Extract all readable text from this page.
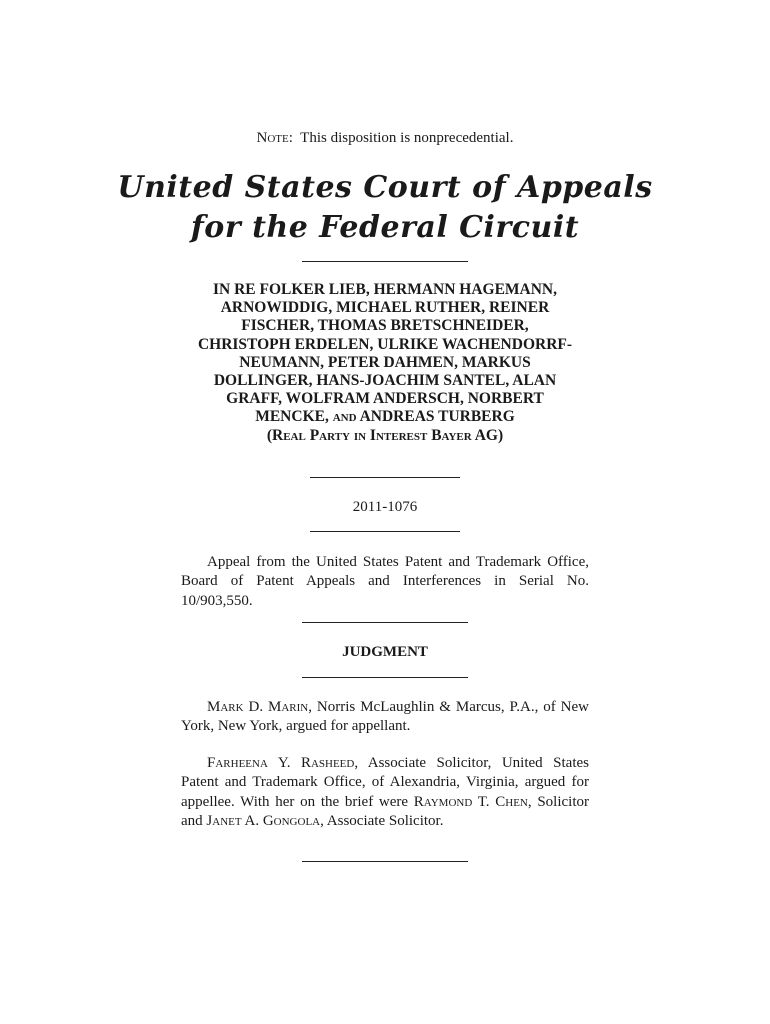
Note: This disposition is nonprecedential.
United States Court of Appeals
for the Federal Circuit
IN RE FOLKER LIEB, HERMANN HAGEMANN,
ARNOWIDDIG, MICHAEL RUTHER, REINER
FISCHER, THOMAS BRETSCHNEIDER,
CHRISTOPH ERDELEN, ULRIKE WACHENDORRF-
NEUMANN, PETER DAHMEN, MARKUS
DOLLINGER, HANS-JOACHIM SANTEL, ALAN
GRAFF, WOLFRAM ANDERSCH, NORBERT
MENCKE, and ANDREAS TURBERG
(Real Party in Interest Bayer AG)
2011-1076
Appeal from the United States Patent and Trademark Office, Board of Patent Appeals and Interferences in Serial No. 10/903,550.
JUDGMENT
Mark D. Marin, Norris McLaughlin & Marcus, P.A., of New York, New York, argued for appellant.
Farheena Y. Rasheed, Associate Solicitor, United States Patent and Trademark Office, of Alexandria, Virginia, argued for appellee. With her on the brief were Raymond T. Chen, Solicitor and Janet A. Gongola, Associate Solicitor.
